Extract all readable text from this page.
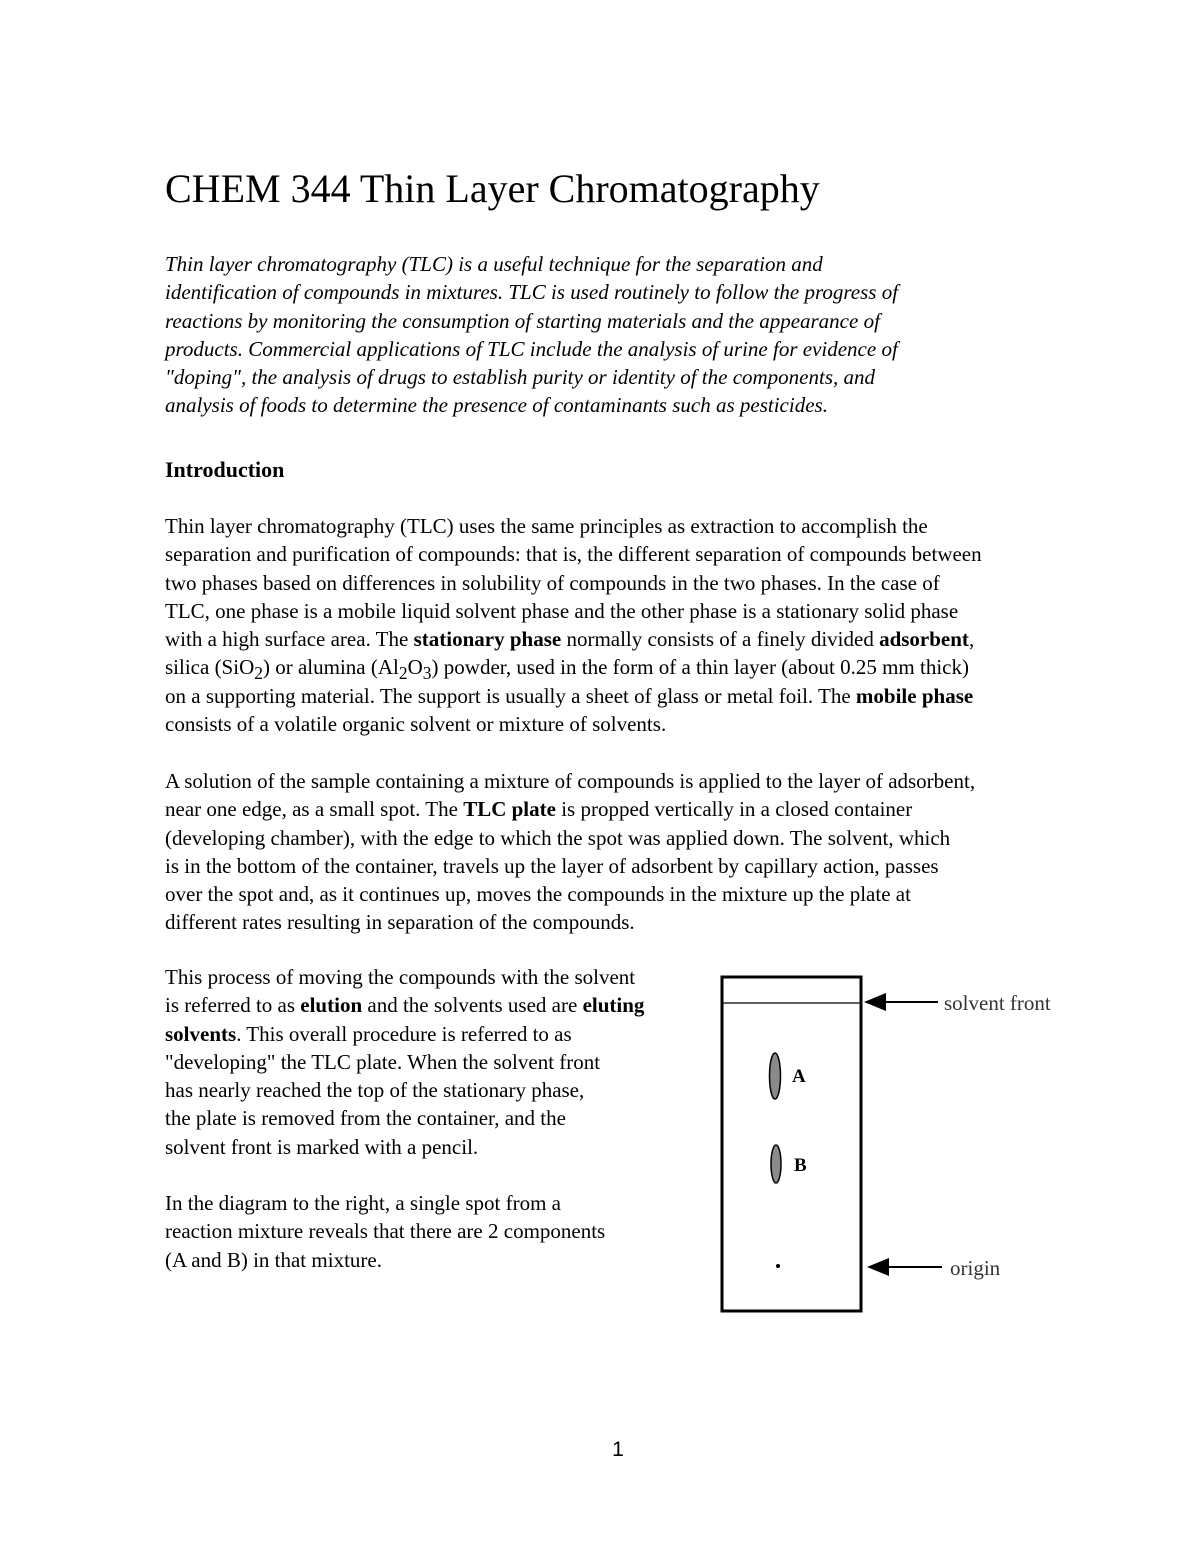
CHEM 344 Thin Layer Chromatography
Thin layer chromatography (TLC) is a useful technique for the separation and
identification of compounds in mixtures. TLC is used routinely to follow the progress of
reactions by monitoring the consumption of starting materials and the appearance of
products. Commercial applications of TLC include the analysis of urine for evidence of
"doping", the analysis of drugs to establish purity or identity of the components, and
analysis of foods to determine the presence of contaminants such as pesticides.
Introduction
Thin layer chromatography (TLC) uses the same principles as extraction to accomplish the
separation and purification of compounds: that is, the different separation of compounds between
two phases based on differences in solubility of compounds in the two phases. In the case of
TLC, one phase is a mobile liquid solvent phase and the other phase is a stationary solid phase
with a high surface area. The stationary phase normally consists of a finely divided adsorbent,
silica (SiO$_2$) or alumina $(Al_2O_3)$ powder, used in the form of a thin layer (about 0.25 mm thick)
on a supporting material. The support is usually a sheet of glass or metal foil. The mobile phase
consists of a volatile organic solvent or mixture of solvents.
A solution of the sample containing a mixture of compounds is applied to the layer of adsorbent,
near one edge, as a small spot. The TLC plate is propped vertically in a closed container
(developing chamber), with the edge to which the spot was applied down. The solvent, which
is in the bottom of the container, travels up the layer of adsorbent by capillary action, passes
over the spot and, as it continues up, moves the compounds in the mixture up the plate at
different rates resulting in separation of the compounds.
This process of moving the compounds with the solvent
is referred to as elution and the solvents used are eluting
solvents. This overall procedure is referred to as
"developing" the TLC plate. When the solvent front
has nearly reached the top of the stationary phase,
the plate is removed from the container, and the
solvent front is marked with a pencil.
In the diagram to the right, a single spot from a
reaction mixture reveals that there are 2 components
(A and B) in that mixture.
A
B
solvent front
origin
1
